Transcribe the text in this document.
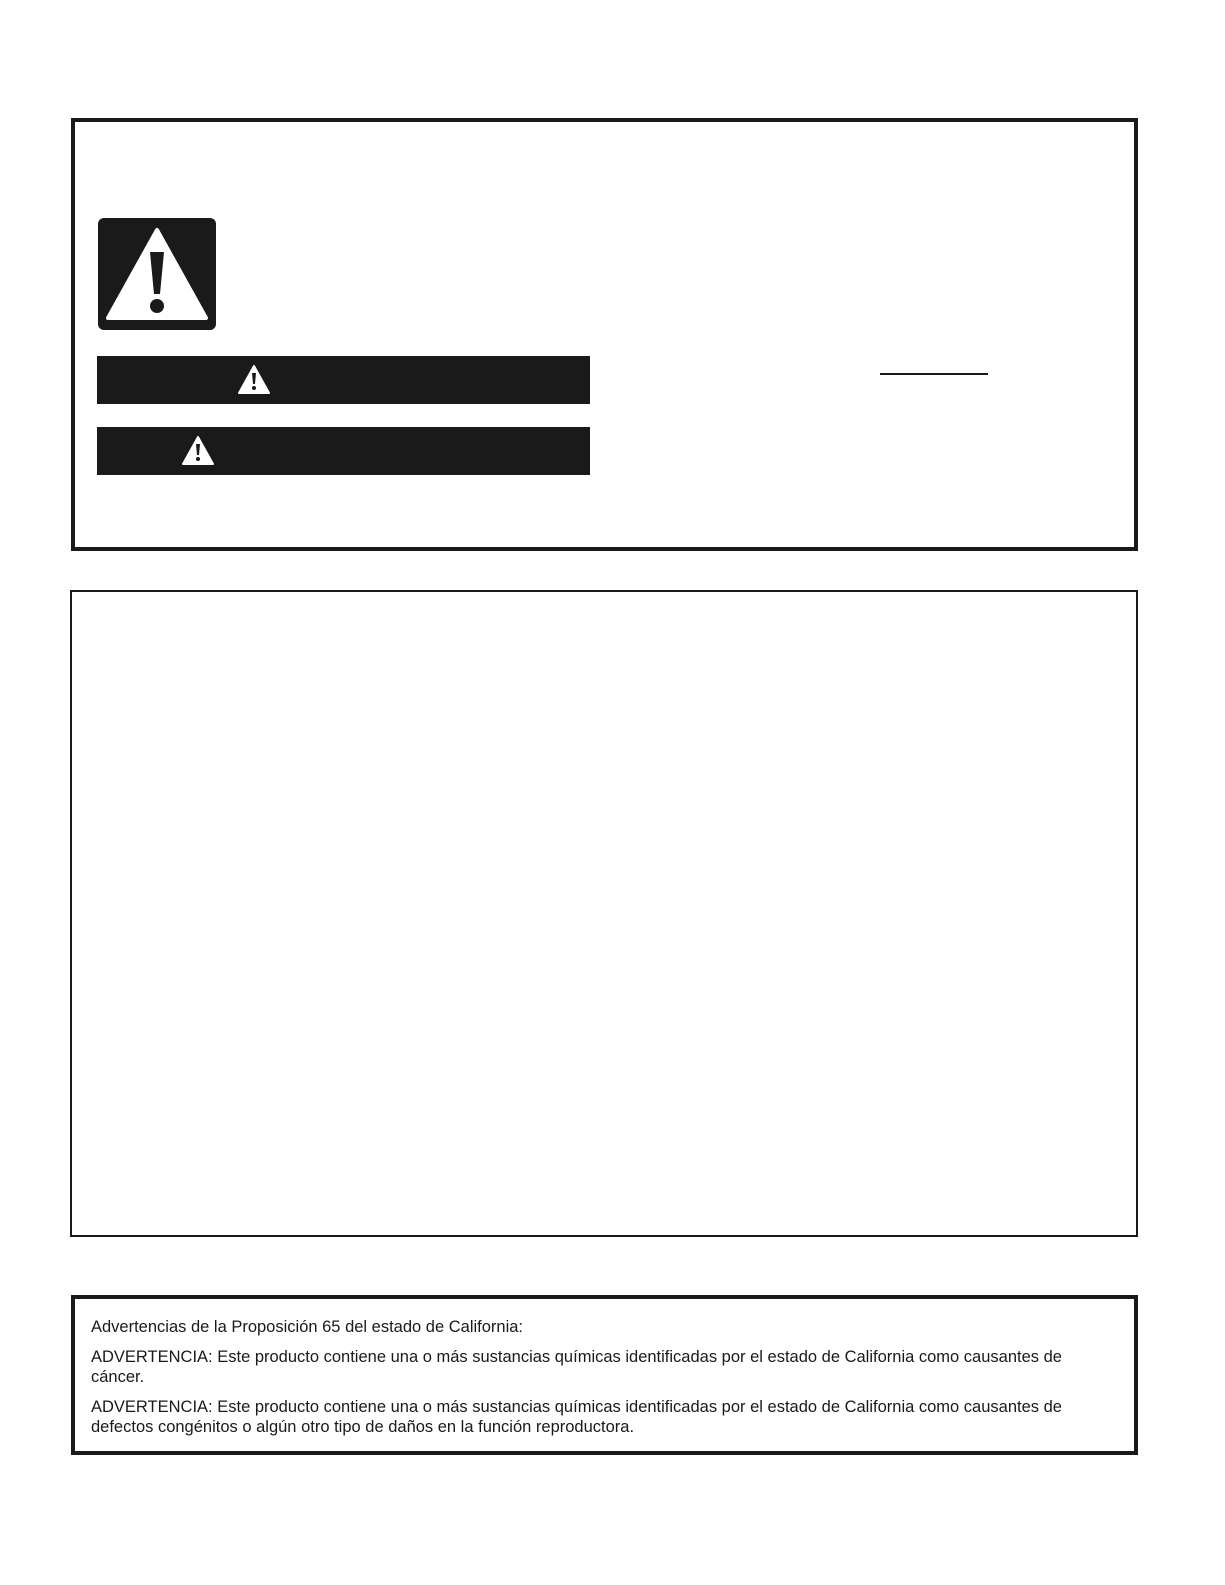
Advertencias de la Proposición 65 del estado de California:

ADVERTENCIA: Este producto contiene una o más sustancias químicas identificadas por el estado de California como causantes de cáncer.

ADVERTENCIA: Este producto contiene una o más sustancias químicas identificadas por el estado de California como causantes de defectos congénitos o algún otro tipo de daños en la función reproductora.
